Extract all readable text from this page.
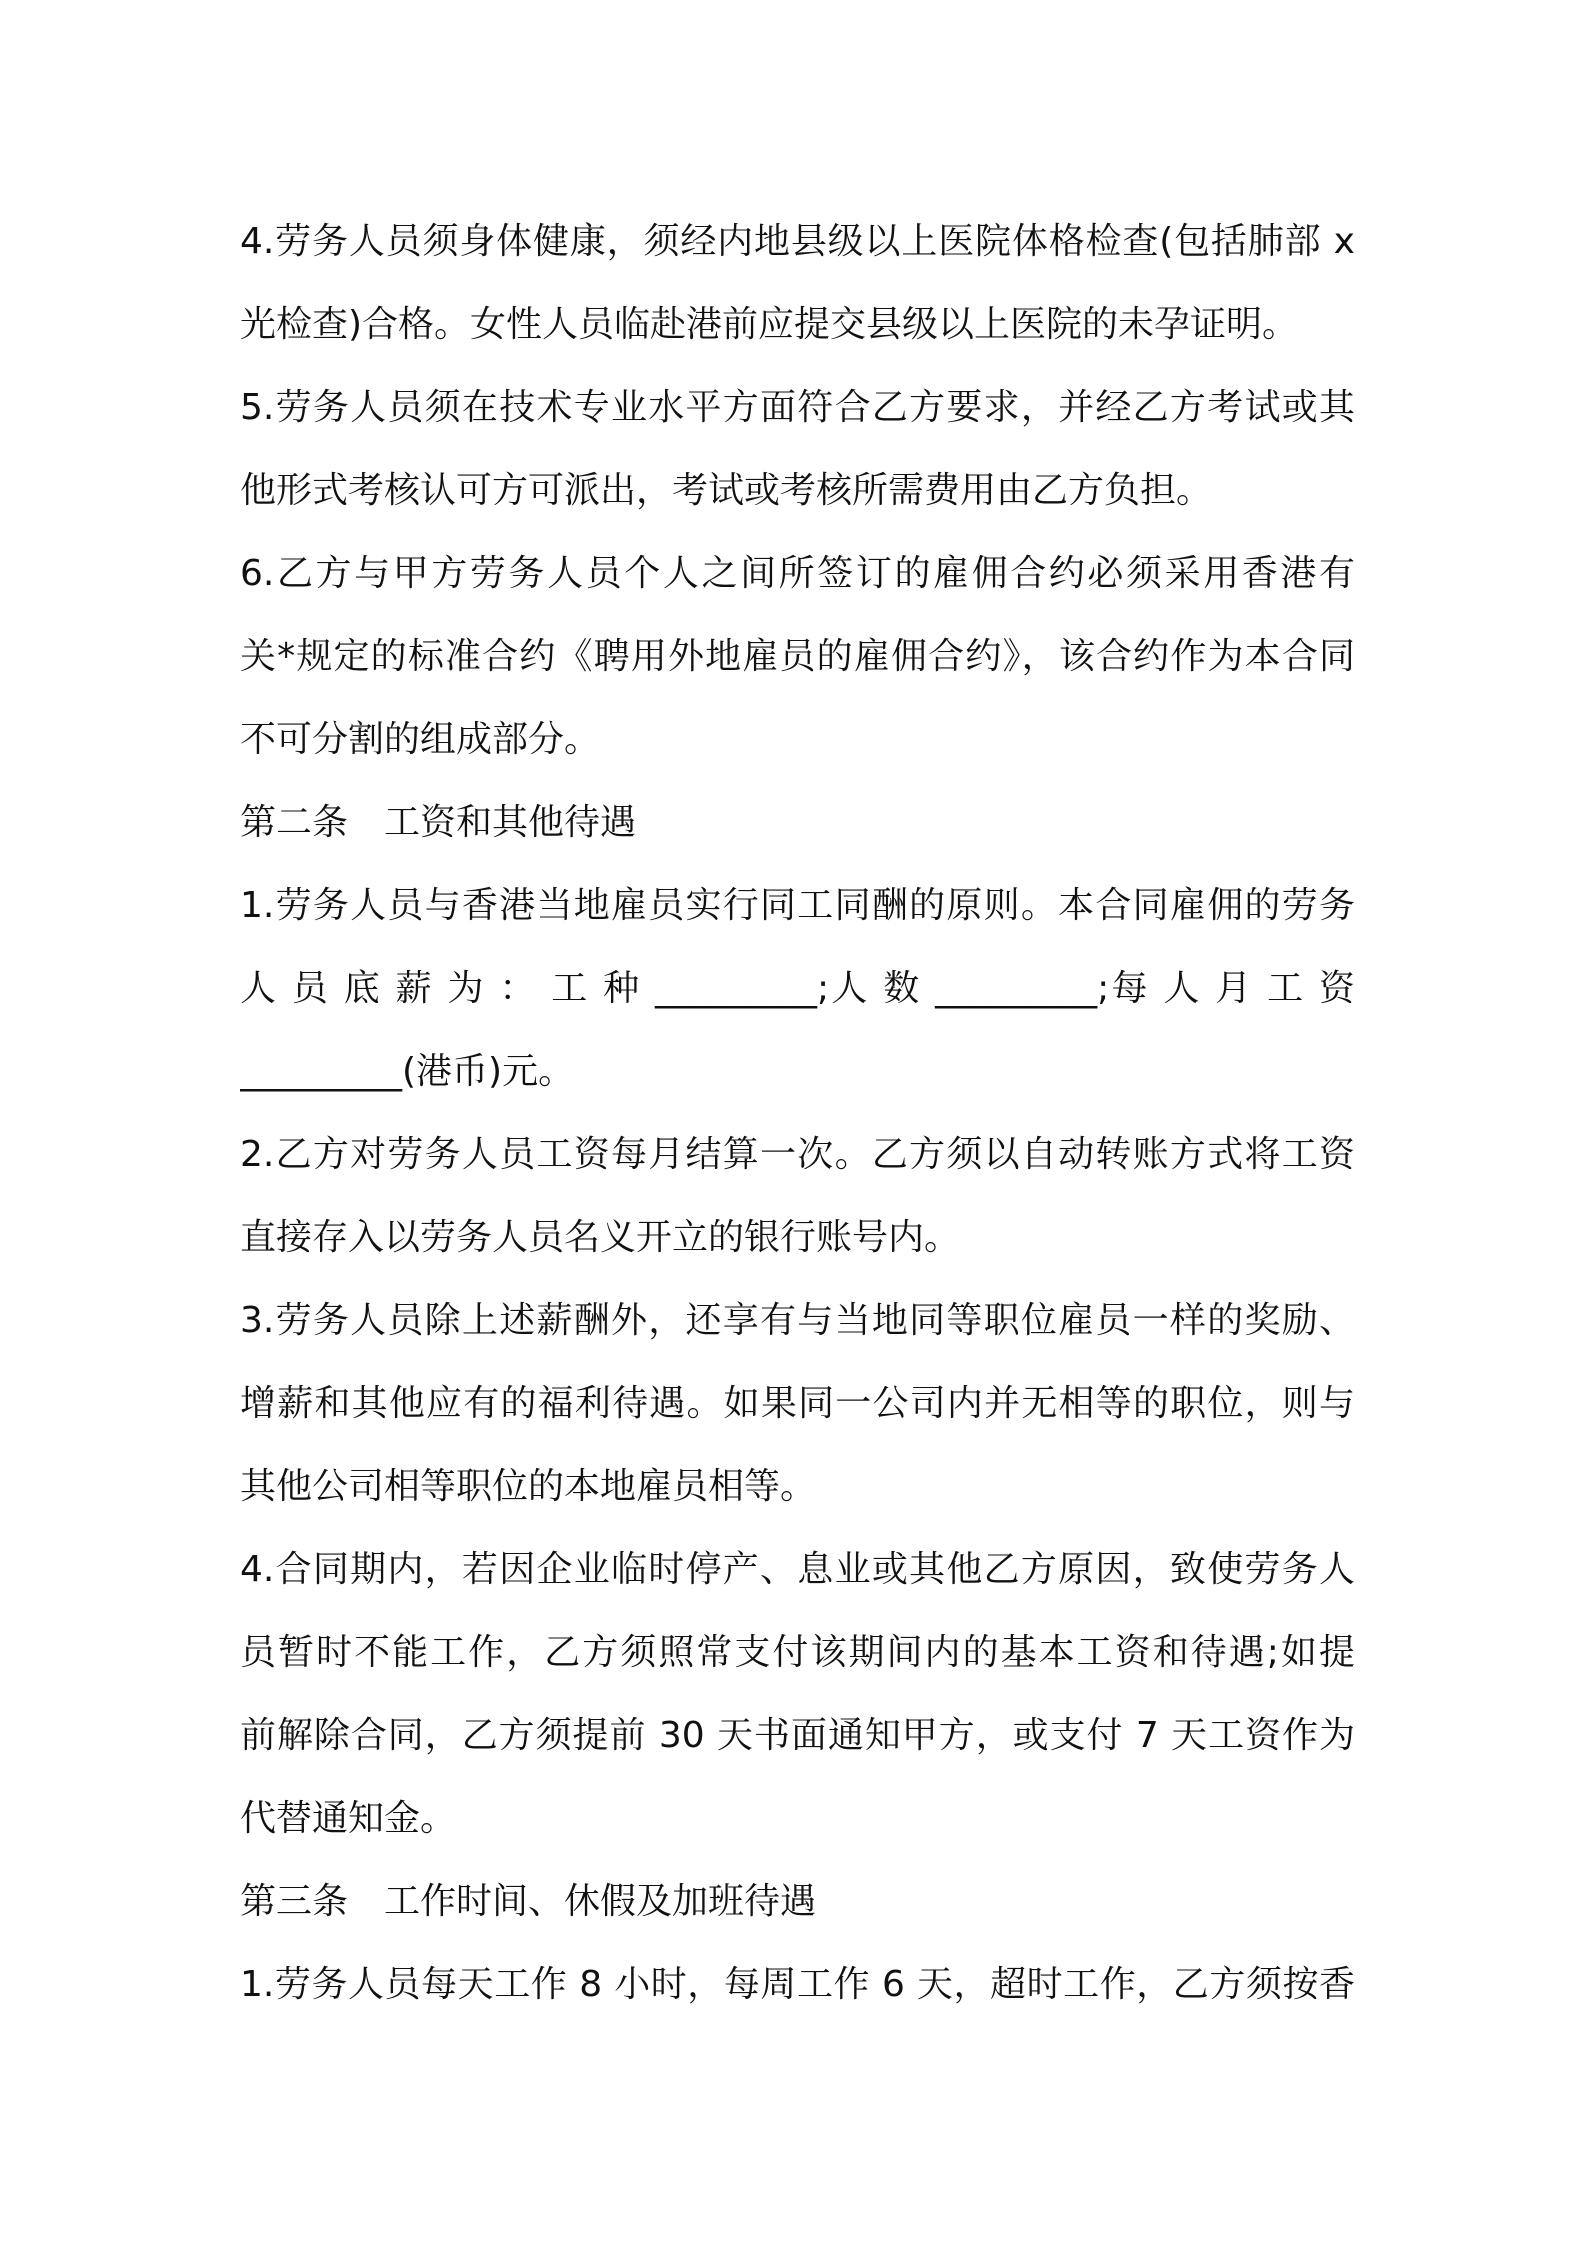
4.劳务人员须身体健康，须经内地县级以上医院体格检查(包括肺部 x
光检查)合格。女性人员临赴港前应提交县级以上医院的未孕证明。
5.劳务人员须在技术专业水平方面符合乙方要求，并经乙方考试或其
他形式考核认可方可派出，考试或考核所需费用由乙方负担。
6.乙方与甲方劳务人员个人之间所签订的雇佣合约必须采用香港有
关*规定的标准合约《聘用外地雇员的雇佣合约》，该合约作为本合同
不可分割的组成部分。
第二条　工资和其他待遇
1.劳务人员与香港当地雇员实行同工同酬的原则。本合同雇佣的劳务
人 员 底 薪 为 ： 工 种 _________;人 数 _________;每 人 月 工 资
_________(港币)元。
2.乙方对劳务人员工资每月结算一次。乙方须以自动转账方式将工资
直接存入以劳务人员名义开立的银行账号内。
3.劳务人员除上述薪酬外，还享有与当地同等职位雇员一样的奖励、
增薪和其他应有的福利待遇。如果同一公司内并无相等的职位，则与
其他公司相等职位的本地雇员相等。
4.合同期内，若因企业临时停产、息业或其他乙方原因，致使劳务人
员暂时不能工作，乙方须照常支付该期间内的基本工资和待遇;如提
前解除合同，乙方须提前 30 天书面通知甲方，或支付 7 天工资作为
代替通知金。
第三条　工作时间、休假及加班待遇
1.劳务人员每天工作 8 小时，每周工作 6 天，超时工作，乙方须按香
